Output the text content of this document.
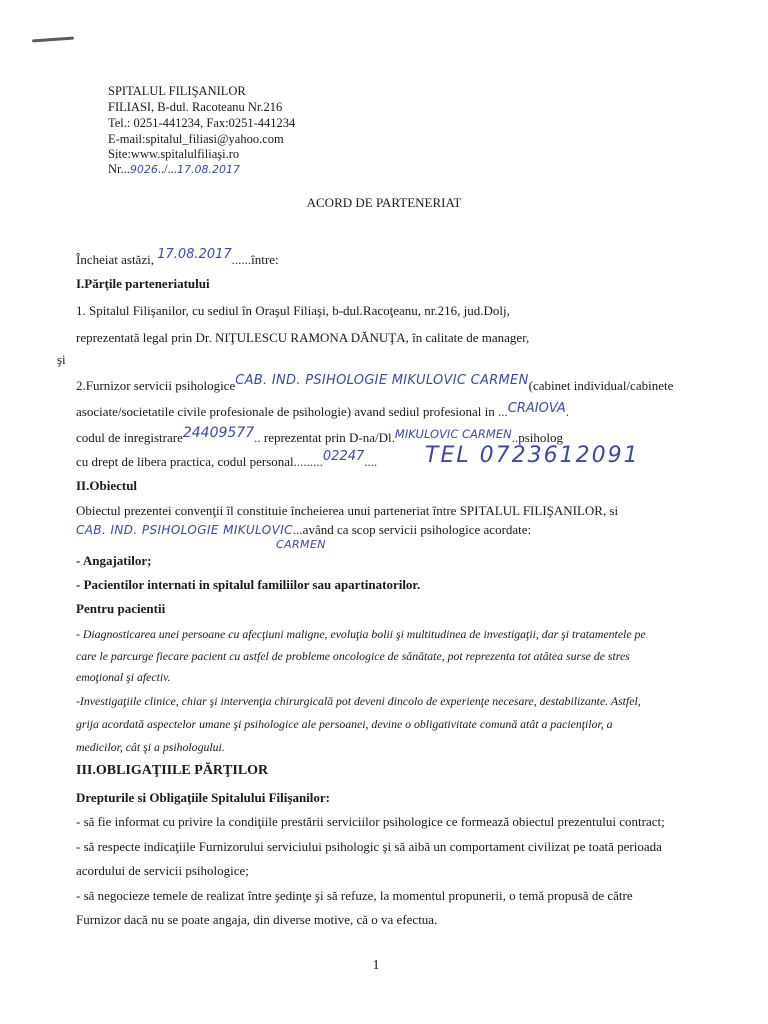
SPITALUL FILIŞANILOR
FILIASI, B-dul. Racoteanu Nr.216
Tel.: 0251-441234, Fax:0251-441234
E-mail:spitalul_filiasi@yahoo.com
Site:www.spitalulfiliaşi.ro
Nr...9026../...17.08.2017
ACORD DE PARTENERIAT
Încheiat astăzi, 17.08.2017......între:
I.Părţile parteneriatului
1. Spitalul Filişanilor, cu sediul în Oraşul Filiaşi, b-dul.Racoţeanu, nr.216, jud.Dolj,
reprezentată legal prin Dr. NIŢULESCU RAMONA DĂNUŢA, în calitate de manager,
şi
2.Furnizor servicii psihologiceCAB. IND. PSIHOLOGIE MIKULOVIC CARMEN(cabinet individual/cabinete
asociate/societatile civile profesionale de psihologie) avand sediul profesional in ...CRAIOVA.
codul de inregistrare24409577.. reprezentat prin D-na/Dl.MIKULOVIC CARMEN..psiholog
cu drept de libera practica, codul personal.........02247.... TEL 0723612091
II.Obiectul
Obiectul prezentei convenţii îl constituie încheierea unui parteneriat între SPITALUL FILIŞANILOR, si
CAB. IND. PSIHOLOGIE MIKULOVIC...având ca scop servicii psihologice acordate:
CARMEN
- Angajatilor;
- Pacientilor internati in spitalul familiilor sau apartinatorilor.
Pentru pacientii
- Diagnosticarea unei persoane cu afecţiuni maligne, evoluţia bolii şi multitudinea de investigaţii, dar şi tratamentele pe
care le parcurge fiecare pacient cu astfel de probleme oncologice de sănătate, pot reprezenta tot atâtea surse de stres
emoţional şi afectiv.
-Investigaţiile clinice, chiar şi intervenţia chirurgicală pot deveni dincolo de experienţe necesare, destabilizante. Astfel,
grija acordată aspectelor umane şi psihologice ale persoanei, devine o obligativitate comună atât a pacienţilor, a
medicilor, cât şi a psihologului.
III.OBLIGAŢIILE PĂRŢILOR
Drepturile si Obligaţiile Spitalului Filişanilor:
- să fie informat cu privire la condiţiile prestării serviciilor psihologice ce formează obiectul prezentului contract;
- să respecte indicaţiile Furnizorului serviciului psihologic şi să aibă un comportament civilizat pe toată perioada
acordului de servicii psihologice;
- să negocieze temele de realizat între şedinţe şi să refuze, la momentul propunerii, o temă propusă de către
Furnizor dacă nu se poate angaja, din diverse motive, că o va efectua.
1
